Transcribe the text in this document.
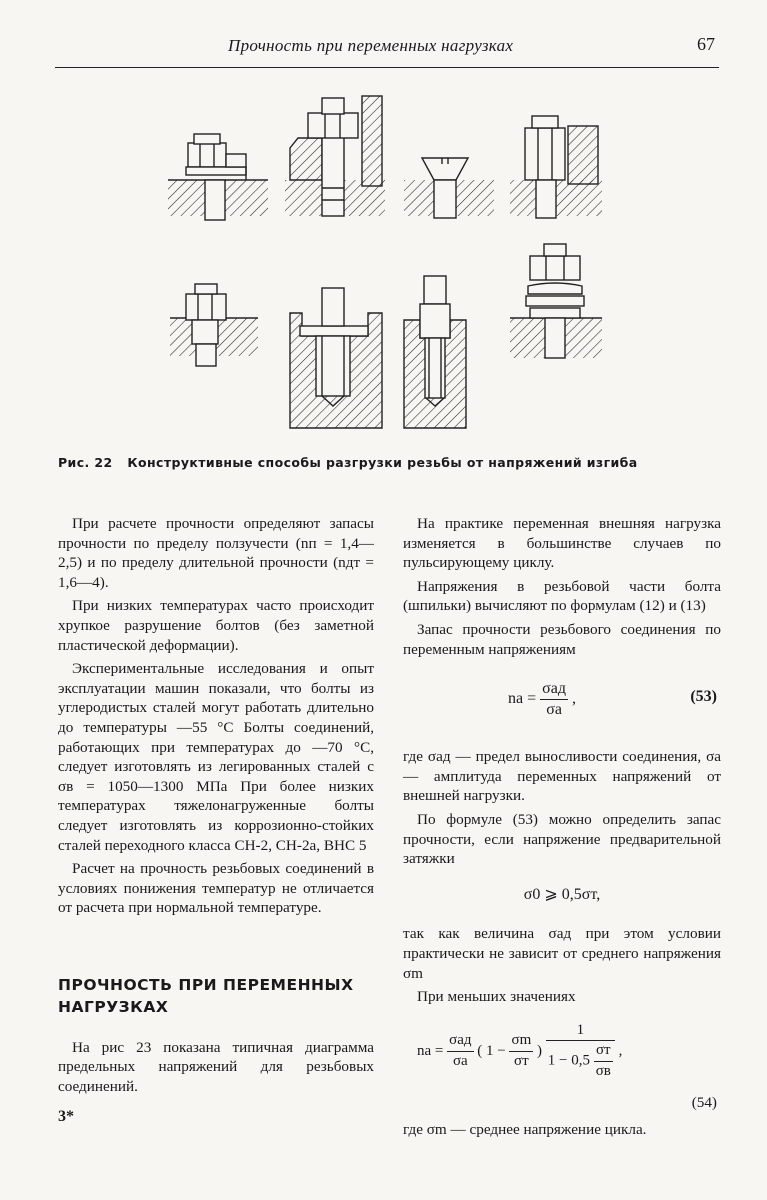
Прочность при переменных нагрузках	67
Рис. 22 Конструктивные способы разгрузки резьбы от напряжений изгиба

При расчете прочности определяют запасы прочности по пределу ползучести (nп = 1,4—2,5) и по пределу длительной прочности (nдт = 1,6—4).

При низких температурах часто происходит хрупкое разрушение болтов (без заметной пластической деформации).

Экспериментальные исследования и опыт эксплуатации машин показали, что болты из углеродистых сталей могут работать длительно до температуры —55 °С Болты соединений, работающих при температурах до —70 °С, следует изготовлять из легированных сталей с σв = 1050—1300 МПа При более низких температурах тяжелонагруженные болты следует изготовлять из коррозионно-стойких сталей переходного класса СН-2, СН-2а, ВНС 5

Расчет на прочность резьбовых соединений в условиях понижения температур не отличается от расчета при нормальной температуре.

ПРОЧНОСТЬ ПРИ ПЕРЕМЕННЫХ НАГРУЗКАХ

На рис 23 показана типичная диаграмма предельных напряжений для резьбовых соединений.

3*

На практике переменная внешняя нагрузка изменяется в большинстве случаев по пульсирующему циклу.

Напряжения в резьбовой части болта (шпильки) вычисляют по формулам (12) и (13)

Запас прочности резьбового соединения по переменным напряжениям

nа = $\frac{\text{σaд}}{\sigma а}$ ,	(53)

где σaд — предел выносливости соединения, σа — амплитуда переменных напряжений от внешней нагрузки.

По формуле (53) можно определить запас прочности, если напряжение предварительной затяжки

σ0 ⩾ 0,5σт,

так как величина σaд при этом условии практически не зависит от среднего напряжения σm

При меньших значениях

na = $\frac{\text{σaд}}{\sigma a}$ ( $1 - \frac{\sigma m}{\sigma т}$ ) $\frac{1}{1 - 0,5 \frac{\sigma т}{\sigma в}}$ ,
(54)

где σm — среднее напряжение цикла.
